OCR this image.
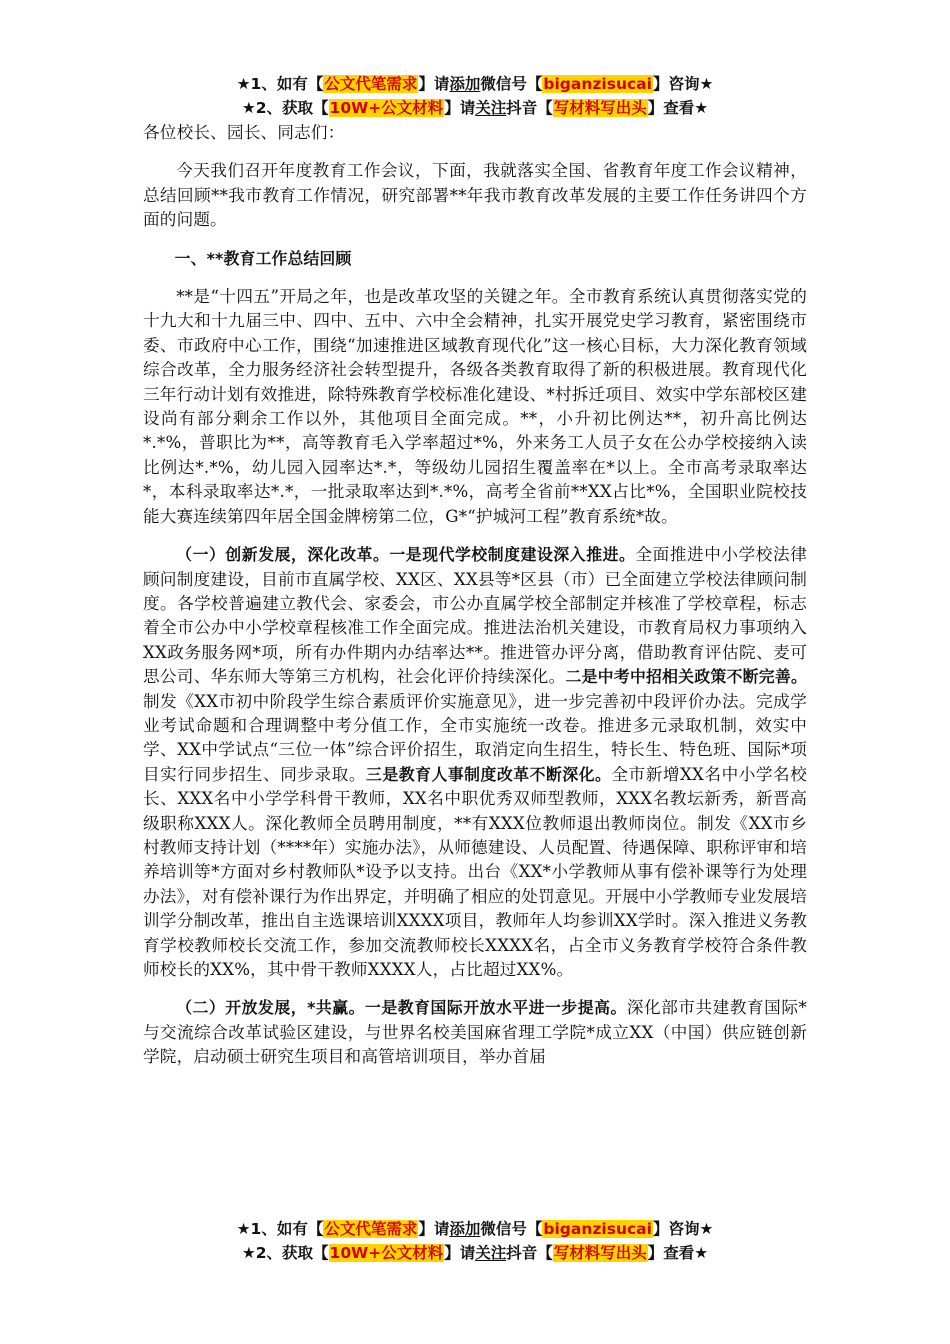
★1、如有【公文代笔需求】请添加微信号【biganzisucai】咨询★
★2、获取【10W+公文材料】请关注抖音【写材料写出头】查看★

各位校长、园长、同志们：

今天我们召开年度教育工作会议，下面，我就落实全国、省教育年度工作会议精神，总结回顾**我市教育工作情况，研究部署**年我市教育改革发展的主要工作任务讲四个方面的问题。

一、**教育工作总结回顾

**是“十四五”开局之年，也是改革攻坚的关键之年。全市教育系统认真贯彻落实党的十九大和十九届三中、四中、五中、六中全会精神，扎实开展党史学习教育，紧密围绕市委、市政府中心工作，围绕“加速推进区域教育现代化”这一核心目标，大力深化教育领域综合改革，全力服务经济社会转型提升，各级各类教育取得了新的积极进展。教育现代化三年行动计划有效推进，除特殊教育学校标准化建设、*村拆迁项目、效实中学东部校区建设尚有部分剩余工作以外，其他项目全面完成。**，小升初比例达**，初升高比例达*.*%，普职比为**，高等教育毛入学率超过*%，外来务工人员子女在公办学校接纳入读比例达*.*%，幼儿园入园率达*.*，等级幼儿园招生覆盖率在*以上。全市高考录取率达*，本科录取率达*.*，一批录取率达到*.*%，高考全省前**XX占比*%，全国职业院校技能大赛连续第四年居全国金牌榜第二位，G*“护城河工程”教育系统*故。

（一）创新发展，深化改革。一是现代学校制度建设深入推进。全面推进中小学校法律顾问制度建设，目前市直属学校、XX区、XX县等*区县（市）已全面建立学校法律顾问制度。各学校普遍建立教代会、家委会，市公办直属学校全部制定并核准了学校章程，标志着全市公办中小学校章程核准工作全面完成。推进法治机关建设，市教育局权力事项纳入XX政务服务网*项，所有办件期内办结率达**。推进管办评分离，借助教育评估院、麦可思公司、华东师大等第三方机构，社会化评价持续深化。二是中考中招相关政策不断完善。制发《XX市初中阶段学生综合素质评价实施意见》，进一步完善初中段评价办法。完成学业考试命题和合理调整中考分值工作，全市实施统一改卷。推进多元录取机制，效实中学、XX中学试点“三位一体”综合评价招生，取消定向生招生，特长生、特色班、国际*项目实行同步招生、同步录取。三是教育人事制度改革不断深化。全市新增XX名中小学名校长、XXX名中小学学科骨干教师，XX名中职优秀双师型教师，XXX名教坛新秀，新晋高级职称XXX人。深化教师全员聘用制度，**有XXX位教师退出教师岗位。制发《XX市乡村教师支持计划（****年）实施办法》，从师德建设、人员配置、待遇保障、职称评审和培养培训等*方面对乡村教师队*设予以支持。出台《XX*小学教师从事有偿补课等行为处理办法》，对有偿补课行为作出界定，并明确了相应的处罚意见。开展中小学教师专业发展培训学分制改革，推出自主选课培训XXXX项目，教师年人均参训XX学时。深入推进义务教育学校教师校长交流工作，参加交流教师校长XXXX名，占全市义务教育学校符合条件教师校长的XX%，其中骨干教师XXXX人，占比超过XX%。

（二）开放发展，*共赢。一是教育国际开放水平进一步提高。深化部市共建教育国际*与交流综合改革试验区建设，与世界名校美国麻省理工学院*成立XX（中国）供应链创新学院，启动硕士研究生项目和高管培训项目，举办首届

★1、如有【公文代笔需求】请添加微信号【biganzisucai】咨询★
★2、获取【10W+公文材料】请关注抖音【写材料写出头】查看★
